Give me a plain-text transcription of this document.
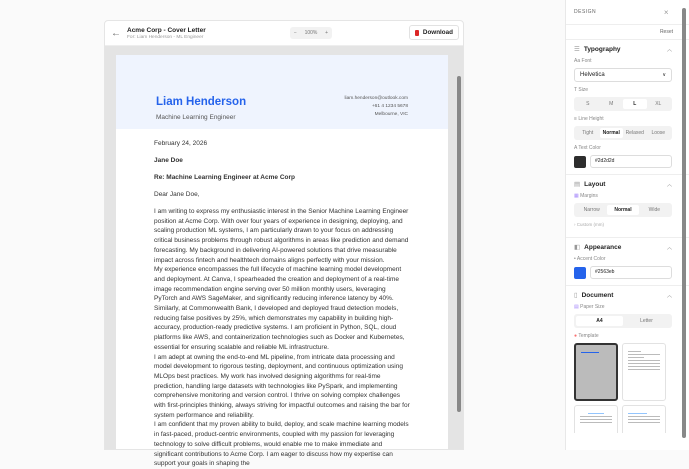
← Acme Corp - Cover Letter
For: Liam Henderson - ML Engineer
− 100% +	Download
Liam Henderson
Machine Learning Engineer
liam.henderson@outlook.com
+61 4 1234 5678
Melbourne, VIC
February 24, 2026
Jane Doe
Re: Machine Learning Engineer at Acme Corp
Dear Jane Doe,

I am writing to express my enthusiastic interest in the Senior Machine Learning Engineer position at Acme Corp. With over four years of experience in designing, deploying, and scaling production ML systems, I am particularly drawn to your focus on addressing critical business problems through robust algorithms in areas like prediction and demand forecasting. My background in delivering AI-powered solutions that drive measurable impact across fintech and healthtech domains aligns perfectly with your mission.

My experience encompasses the full lifecycle of machine learning model development and deployment. At Canva, I spearheaded the creation and deployment of a real-time image recommendation engine serving over 50 million monthly users, leveraging PyTorch and AWS SageMaker, and significantly reducing inference latency by 40%. Similarly, at Commonwealth Bank, I developed and deployed fraud detection models, reducing false positives by 25%, which demonstrates my capability in building high-accuracy, production-ready predictive systems. I am proficient in Python, SQL, cloud platforms like AWS, and containerization technologies such as Docker and Kubernetes, essential for ensuring scalable and reliable ML infrastructure.

I am adept at owning the end-to-end ML pipeline, from intricate data processing and model development to rigorous testing, deployment, and continuous optimization using MLOps best practices. My work has involved designing algorithms for real-time prediction, handling large datasets with technologies like PySpark, and implementing comprehensive monitoring and version control. I thrive on solving complex challenges with first-principles thinking, always striving for impactful outcomes and raising the bar for system performance and reliability.

I am confident that my proven ability to build, deploy, and scale machine learning models in fast-paced, product-centric environments, coupled with my passion for leveraging technology to solve difficult problems, would enable me to make immediate and significant contributions to Acme Corp. I am eager to discuss how my expertise can support your goals in shaping the

DESIGN	×
Reset
☰ Typography	︿
Aa Font
Helvetica	∨
T Size
S	M	L	XL
≡ Line Height
Tight	Normal	Relaxed	Loose
A Text Color
#2d2d2d
▤ Layout	︿
▦ Margins
Narrow	Normal	Wide
› Custom (mm)
◧ Appearance	︿
• Accent Color
#2563eb
▯ Document	︿
▤ Paper Size
A4	Letter
● Template
